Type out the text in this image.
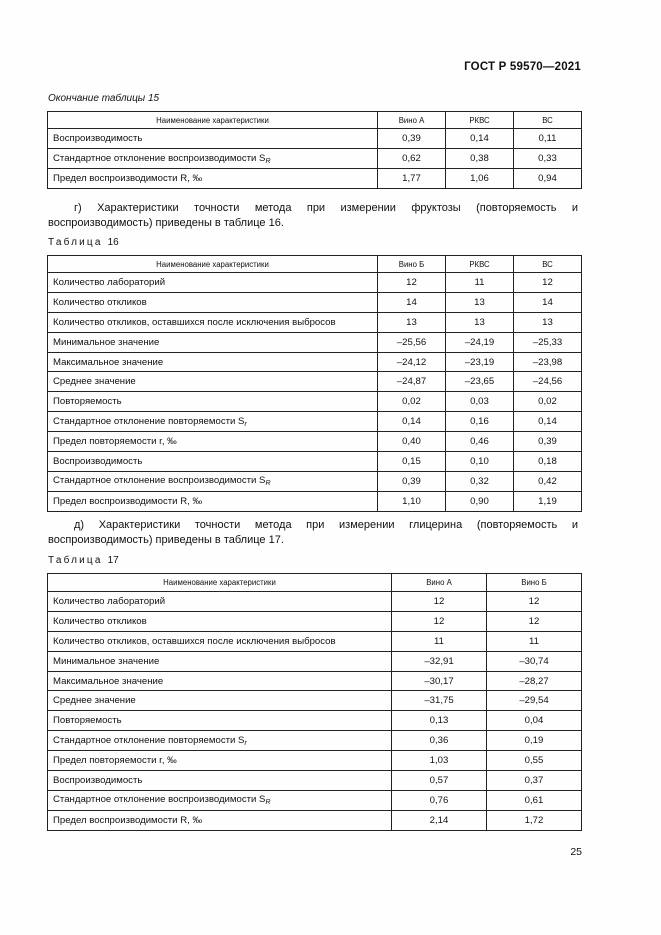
ГОСТ Р 59570—2021
Окончание таблицы 15
Наименование характеристики	Вино А	РКВС	ВС
Воспроизводимость	0,39	0,14	0,11
Стандартное отклонение воспроизводимости $S_R$	0,62	0,38	0,33
Предел воспроизводимости R, ‰	1,77	1,06	0,94
г) Характеристики точности метода при измерении фруктозы (повторяемость и воспроизводимость) приведены в таблице 16.
Таблица 16
Наименование характеристики	Вино Б	РКВС	ВС
Количество лабораторий	12	11	12
Количество откликов	14	13	14
Количество откликов, оставшихся после исключения выбросов	13	13	13
Минимальное значение	–25,56	–24,19	–25,33
Максимальное значение	–24,12	–23,19	–23,98
Среднее значение	–24,87	–23,65	–24,56
Повторяемость	0,02	0,03	0,02
Стандартное отклонение повторяемости $S_r$	0,14	0,16	0,14
Предел повторяемости r, ‰	0,40	0,46	0,39
Воспроизводимость	0,15	0,10	0,18
Стандартное отклонение воспроизводимости $S_R$	0,39	0,32	0,42
Предел воспроизводимости R, ‰	1,10	0,90	1,19
д) Характеристики точности метода при измерении глицерина (повторяемость и воспроизводимость) приведены в таблице 17.
Таблица 17
Наименование характеристики	Вино А	Вино Б
Количество лабораторий	12	12
Количество откликов	12	12
Количество откликов, оставшихся после исключения выбросов	11	11
Минимальное значение	–32,91	–30,74
Максимальное значение	–30,17	–28,27
Среднее значение	–31,75	–29,54
Повторяемость	0,13	0,04
Стандартное отклонение повторяемости $S_r$	0,36	0,19
Предел повторяемости r, ‰	1,03	0,55
Воспроизводимость	0,57	0,37
Стандартное отклонение воспроизводимости $S_R$	0,76	0,61
Предел воспроизводимости R, ‰	2,14	1,72
25
